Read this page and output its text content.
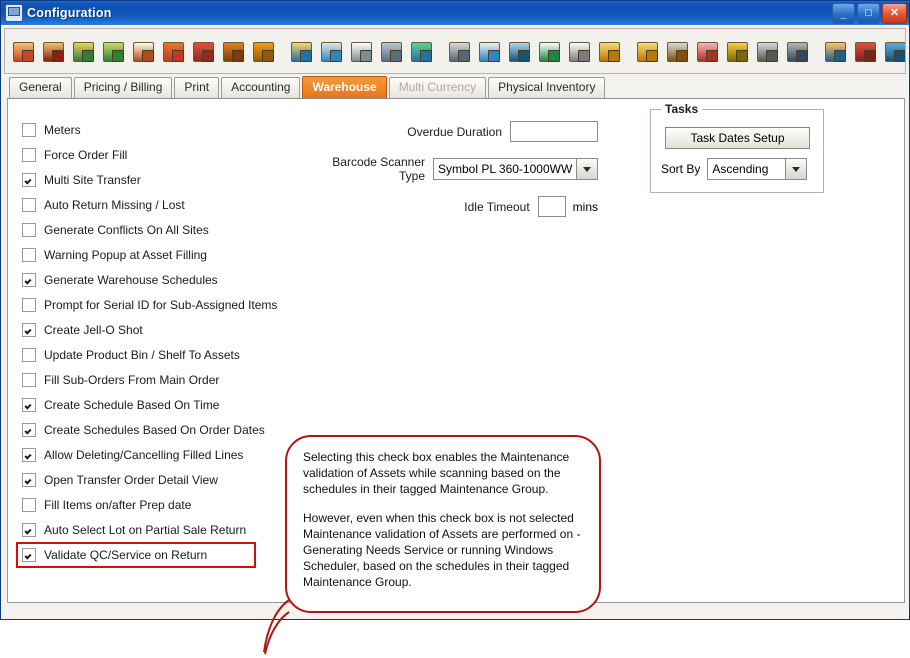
Configuration	_	□	✕
General	Pricing / Billing	Print	Accounting	Warehouse	Multi Currency	Physical Inventory
Meters
Force Order Fill
Multi Site Transfer
Auto Return Missing / Lost
Generate Conflicts On All Sites
Warning Popup at Asset Filling
Generate Warehouse Schedules
Prompt for Serial ID for Sub-Assigned Items
Create Jell-O Shot
Update Product Bin / Shelf To Assets
Fill Sub-Orders From Main Order
Create Schedule Based On Time
Create Schedules Based On Order Dates
Allow Deleting/Cancelling Filled Lines
Open Transfer Order Detail View
Fill Items on/after Prep date
Auto Select Lot on Partial Sale Return
Validate QC/Service on Return
Overdue Duration
Barcode Scanner Type	Symbol PL 360-1000WW
Idle Timeout	mins
Tasks
Task Dates Setup
Sort By	Ascending

Selecting this check box enables the Maintenance validation of Assets while scanning based on the schedules in their tagged Maintenance Group.

However, even when this check box is not selected Maintenance validation of Assets are performed on - Generating Needs Service or running Windows Scheduler, based on the schedules in their tagged Maintenance Group.
